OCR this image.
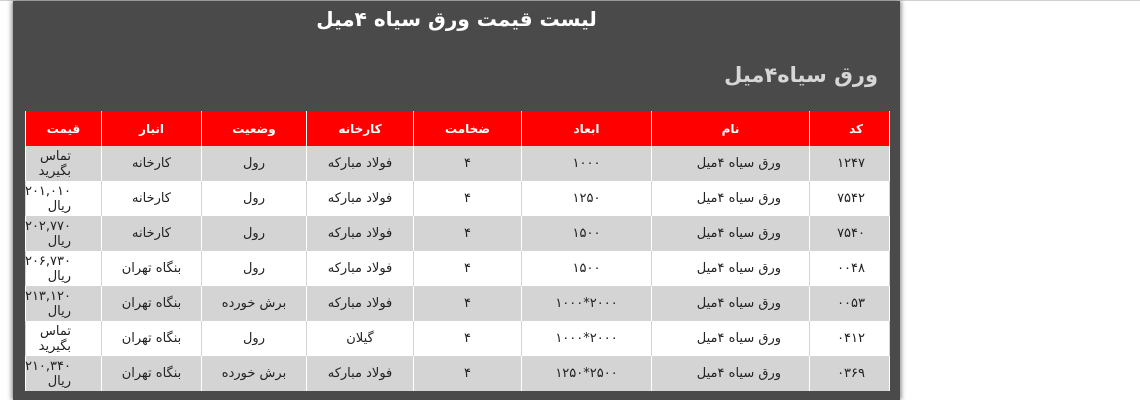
لیست قیمت ورق سیاه ۴میل
ورق سیاه۴میل
کد	نام	ابعاد	ضخامت	کارخانه	وضعیت	انبار	قیمت
۱۲۴۷	ورق سیاه ۴میل	۱۰۰۰	۴	فولاد مبارکه	رول	کارخانه	تماس بگیرید
۷۵۴۲	ورق سیاه ۴میل	۱۲۵۰	۴	فولاد مبارکه	رول	کارخانه	۲۰۱,۰۱۰ ریال
۷۵۴۰	ورق سیاه ۴میل	۱۵۰۰	۴	فولاد مبارکه	رول	کارخانه	۲۰۲,۷۷۰ ریال
۰۰۴۸	ورق سیاه ۴میل	۱۵۰۰	۴	فولاد مبارکه	رول	بنگاه تهران	۲۰۶,۷۳۰ ریال
۰۰۵۳	ورق سیاه ۴میل	۲۰۰۰*۱۰۰۰	۴	فولاد مبارکه	برش خورده	بنگاه تهران	۲۱۳,۱۲۰ ریال
۰۴۱۲	ورق سیاه ۴میل	۲۰۰۰*۱۰۰۰	۴	گیلان	رول	بنگاه تهران	تماس بگیرید
۰۳۶۹	ورق سیاه ۴میل	۲۵۰۰*۱۲۵۰	۴	فولاد مبارکه	برش خورده	بنگاه تهران	۲۱۰,۳۴۰ ریال
